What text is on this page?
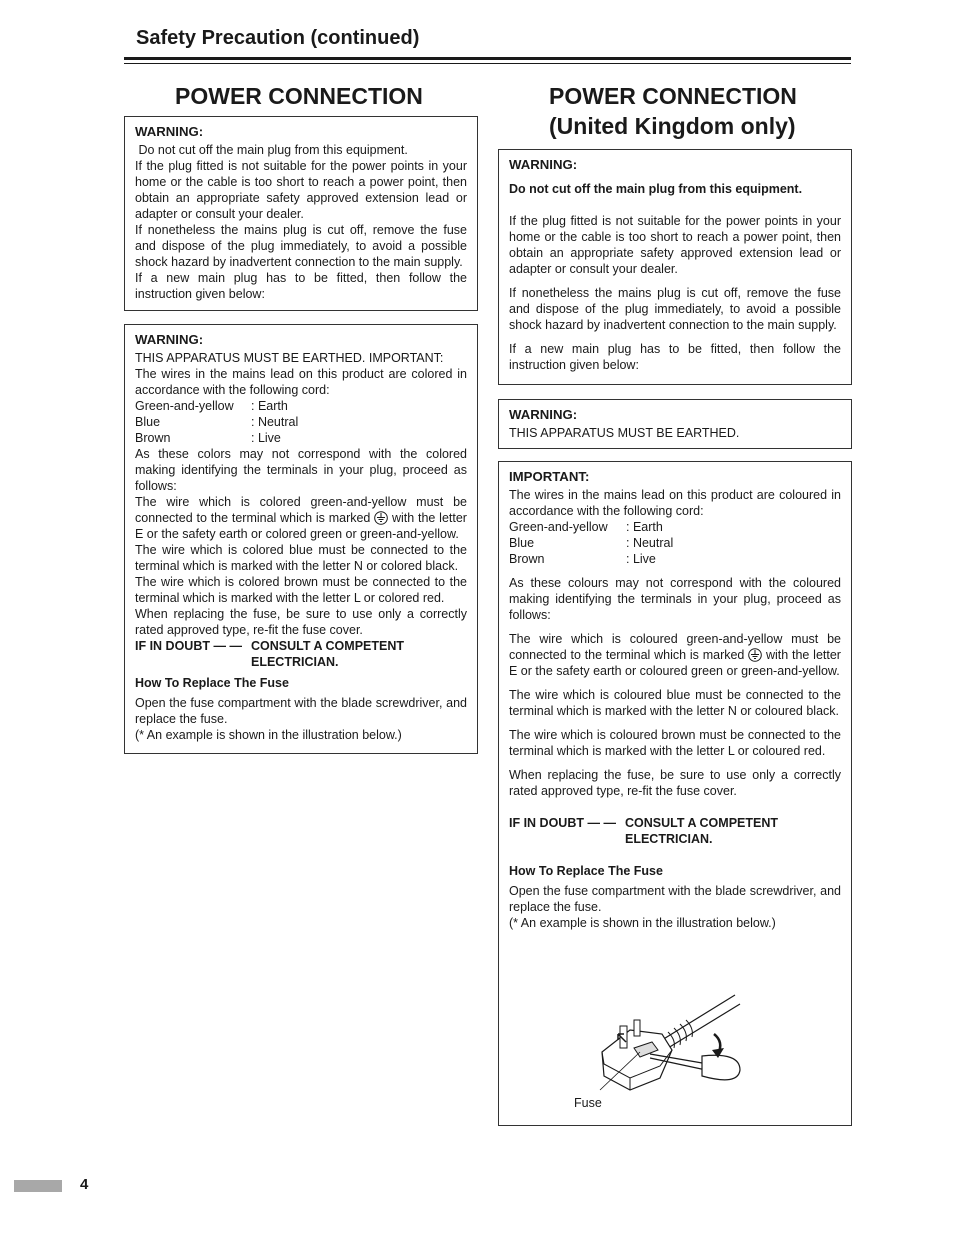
Safety Precaution (continued)
POWER CONNECTION

WARNING:

Do not cut off the main plug from this equipment.

If the plug fitted is not suitable for the power points in your home or the cable is too short to reach a power point, then obtain an appropriate safety approved extension lead or adapter or consult your dealer.

If nonetheless the mains plug is cut off, remove the fuse and dispose of the plug immediately, to avoid a possible shock hazard by inadvertent connection to the main supply.

If a new main plug has to be fitted, then follow the instruction given below:

WARNING:

THIS APPARATUS MUST BE EARTHED. IMPORTANT:

The wires in the mains lead on this product are colored in accordance with the following cord:

Green-and-yellow	: Earth
Blue	: Neutral
Brown	: Live

As these colors may not correspond with the colored making identifying the terminals in your plug, proceed as follows:

The wire which is colored green-and-yellow must be connected to the terminal which is marked with the letter E or the safety earth or colored green or green-and-yellow.

The wire which is colored blue must be connected to the terminal which is marked with the letter N or colored black.

The wire which is colored brown must be connected to the terminal which is marked with the letter L or colored red.

When replacing the fuse, be sure to use only a correctly rated approved type, re-fit the fuse cover.

IF IN DOUBT — — CONSULT A COMPETENT
ELECTRICIAN.

How To Replace The Fuse

Open the fuse compartment with the blade screwdriver, and replace the fuse.

(* An example is shown in the illustration below.)

POWER CONNECTION
(United Kingdom only)

WARNING:

Do not cut off the main plug from this equipment.

If the plug fitted is not suitable for the power points in your home or the cable is too short to reach a power point, then obtain an appropriate safety approved extension lead or adapter or consult your dealer.

If nonetheless the mains plug is cut off, remove the fuse and dispose of the plug immediately, to avoid a possible shock hazard by inadvertent connection to the main supply.

If a new main plug has to be fitted, then follow the instruction given below:

WARNING:

THIS APPARATUS MUST BE EARTHED.

IMPORTANT:

The wires in the mains lead on this product are coloured in accordance with the following cord:

Green-and-yellow	: Earth
Blue	: Neutral
Brown	: Live

As these colours may not correspond with the coloured making identifying the terminals in your plug, proceed as follows:

The wire which is coloured green-and-yellow must be connected to the terminal which is marked with the letter E or the safety earth or coloured green or green-and-yellow.

The wire which is coloured blue must be connected to the terminal which is marked with the letter N or coloured black.

The wire which is coloured brown must be connected to the terminal which is marked with the letter L or coloured red.

When replacing the fuse, be sure to use only a correctly rated approved type, re-fit the fuse cover.

IF IN DOUBT — — CONSULT A COMPETENT
ELECTRICIAN.

How To Replace The Fuse

Open the fuse compartment with the blade screwdriver, and replace the fuse.

(* An example is shown in the illustration below.)

Fuse
4
